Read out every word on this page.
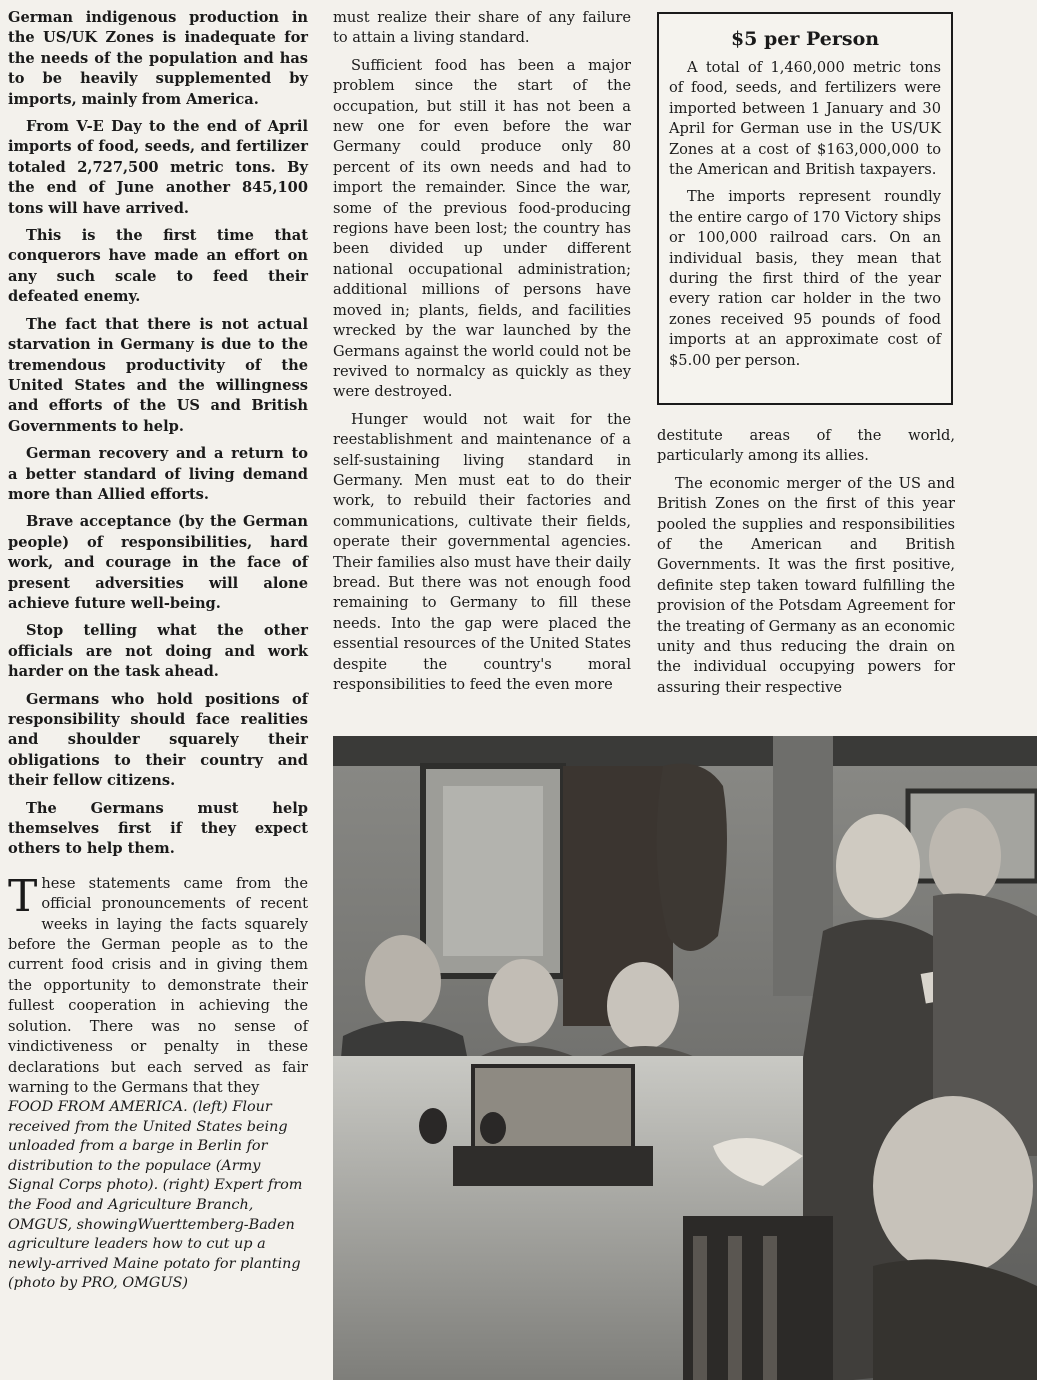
German indigenous production in the US/UK Zones is inadequate for the needs of the population and has to be heavily supplemented by imports, mainly from America.

From V-E Day to the end of April imports of food, seeds, and fertilizer totaled 2,727,500 metric tons. By the end of June another 845,100 tons will have arrived.

This is the first time that conquerors have made an effort on any such scale to feed their defeated enemy.

The fact that there is not actual starvation in Germany is due to the tremendous productivity of the United States and the willingness and efforts of the US and British Governments to help.

German recovery and a return to a better standard of living demand more than Allied efforts.

Brave acceptance (by the German people) of responsibilities, hard work, and courage in the face of present adversities will alone achieve future well-being.

Stop telling what the other officials are not doing and work harder on the task ahead.

Germans who hold positions of responsibility should face realities and shoulder squarely their obligations to their country and their fellow citizens.

The Germans must help themselves first if they expect others to help them.

These statements came from the official pronouncements of recent weeks in laying the facts squarely before the German people as to the current food crisis and in giving them the opportunity to demonstrate their fullest cooperation in achieving the solution. There was no sense of vindictiveness or penalty in these declarations but each served as fair warning to the Germans that they

must realize their share of any failure to attain a living standard.

Sufficient food has been a major problem since the start of the occupation, but still it has not been a new one for even before the war Germany could produce only 80 percent of its own needs and had to import the remainder. Since the war, some of the previous food-producing regions have been lost; the country has been divided up under different national occupational administration; additional millions of persons have moved in; plants, fields, and facilities wrecked by the war launched by the Germans against the world could not be revived to normalcy as quickly as they were destroyed.

Hunger would not wait for the reestablishment and maintenance of a self-sustaining living standard in Germany. Men must eat to do their work, to rebuild their factories and communications, cultivate their fields, operate their governmental agencies. Their families also must have their daily bread. But there was not enough food remaining to Germany to fill these needs. Into the gap were placed the essential resources of the United States despite the country's moral responsibilities to feed the even more

$5 per Person

A total of 1,460,000 metric tons of food, seeds, and fertilizers were imported between 1 January and 30 April for German use in the US/UK Zones at a cost of $163,000,000 to the American and British taxpayers.

The imports represent roundly the entire cargo of 170 Victory ships or 100,000 railroad cars. On an individual basis, they mean that during the first third of the year every ration car holder in the two zones received 95 pounds of food imports at an approximate cost of $5.00 per person.

destitute areas of the world, particularly among its allies.

The economic merger of the US and British Zones on the first of this year pooled the supplies and responsibilities of the American and British Governments. It was the first positive, definite step taken toward fulfilling the provision of the Potsdam Agreement for the treating of Germany as an economic unity and thus reducing the drain on the individual occupying powers for assuring their respective

FOOD FROM AMERICA. (left) Flour received from the United States being unloaded from a barge in Berlin for distribution to the populace (Army Signal Corps photo). (right) Expert from the Food and Agriculture Branch, OMGUS, showingWuerttemberg-Baden agriculture leaders how to cut up a newly-arrived Maine potato for planting (photo by PRO, OMGUS)
